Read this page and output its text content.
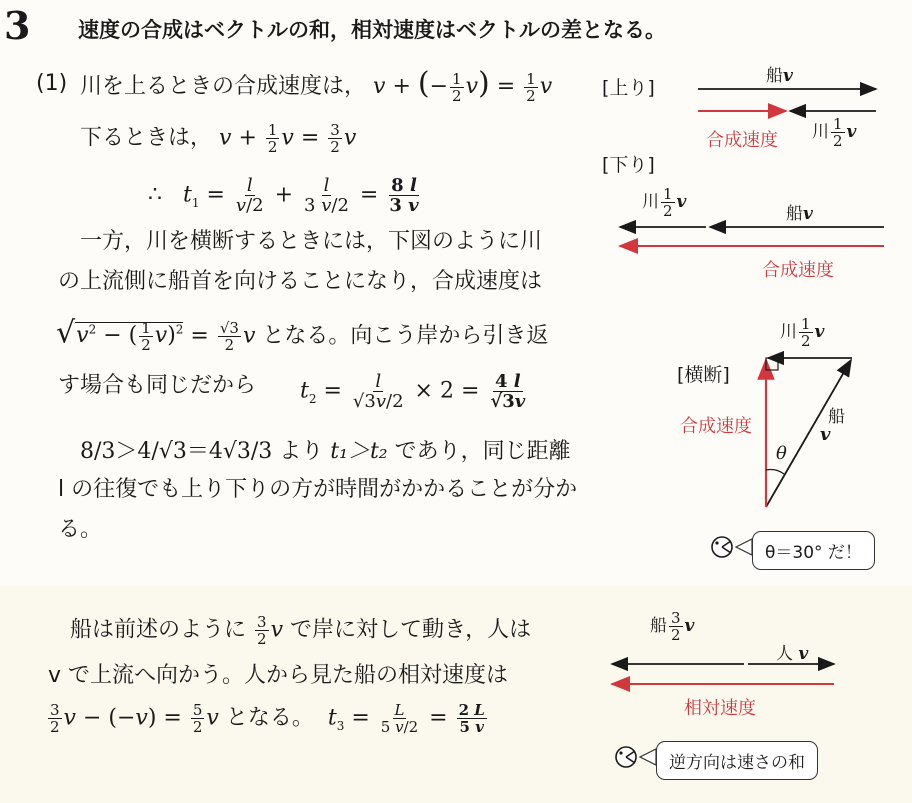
3 速度の合成はベクトルの和，相対速度はベクトルの差となる。
(1) 川を上るときの合成速度は， v + (− $\frac{1}{2} v) = \frac{1}{2}$ v
下るときは， $v + \frac{1}{2}$ $v = \frac{3}{2}$ v
∴ $t_1 = \frac{l}{v/2} + \frac{l}{3 v/2} = \frac{8 l}{3 v}$
一方，川を横断するときには，下図のように川
の上流側に船首を向けることになり，合成速度は
$√v^2$ − ( $\frac{1}{2} v)^2 = \frac{√3}{2}$ v となる。向こう岸から引き返
す場合も同じだから $t_2 = \frac{l}{√3v/2} \times 2 = \frac{4 l}{√3v}$
8/3＞4/√3＝4√3/3 より t₁＞t₂ であり，同じ距離
l の往復でも上り下りの方が時間がかかることが分か
る。
[上り]
[下り]
[横断]
船v
合成速度 川 $\frac{1}{2}$ v
川 $\frac{1}{2}$ v
船v
合成速度
川 $\frac{1}{2}$ v
合成速度	船
v
θ
θ＝30° だ！
船は前述のように $\frac{3}{2}$ v で岸に対して動き，人は
v で上流へ向かう。人から見た船の相対速度は
$\frac{3}{2}$ $v - (-v) = \frac{5}{2}$ v となる。 $t_3 = \frac{L}{5 v/2} = \frac{2 L}{5 v}$
船 $\frac{3}{2}$ v
人 v
相対速度
逆方向は速さの和
